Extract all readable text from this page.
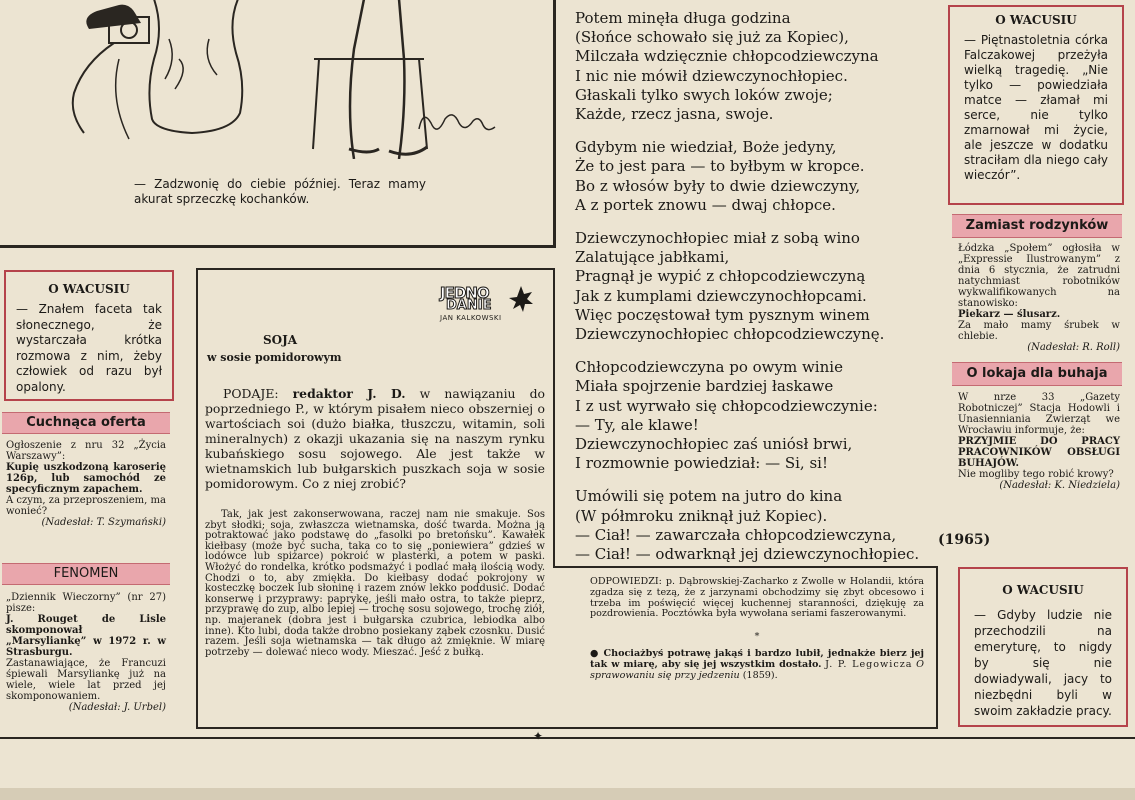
— Zadzwonię do ciebie później. Teraz mamy akurat sprzeczkę kochanków.

Potem minęła długa godzina

(Słońce schowało się już za Kopiec),

Milczała wdzięcznie chłopcodziewczyna

I nic nie mówił dziewczynochłopiec.

Głaskali tylko swych loków zwoje;

Każde, rzecz jasna, swoje.

Gdybym nie wiedział, Boże jedyny,

Że to jest para — to byłbym w kropce.

Bo z włosów były to dwie dziewczyny,

A z portek znowu — dwaj chłopce.

Dziewczynochłopiec miał z sobą wino

Zalatujące jabłkami,

Pragnął je wypić z chłopcodziewczyną

Jak z kumplami dziewczynochłopcami.

Więc poczęstował tym pysznym winem

Dziewczynochłopiec chłopcodziewczynę.

Chłopcodziewczyna po owym winie

Miała spojrzenie bardziej łaskawe

I z ust wyrwało się chłopcodziewczynie:

— Ty, ale klawe!

Dziewczynochłopiec zaś uniósł brwi,

I rozmownie powiedział: — Si, si!

Umówili się potem na jutro do kina

(W półmroku zniknął już Kopiec).

— Ciał! — zawarczała chłopcodziewczyna,

— Ciał! — odwarknął jej dziewczynochłopiec.

(1965)
O WACUSIU
— Piętnastoletnia córka Falczakowej przeżyła wielką tragedię. „Nie tylko — powiedziała matce — złamał mi serce, nie tylko zmarnował mi życie, ale jeszcze w dodatku straciłam dla niego cały wieczór”.
Zamiast rodzynków
Łódzka „Społem” ogłosiła w „Expressie Ilustrowanym” z dnia 6 stycznia, że zatrudni natychmiast robotników wykwalifikowanych na stanowisko:
Piekarz — ślusarz.
Za mało mamy śrubek w chlebie.
(Nadesłał: R. Roll)
O lokaja dla buhaja
W nrze 33 „Gazety Robotniczej” Stacja Hodowli i Unasienniania Zwierząt we Wrocławiu informuje, że:
PRZYJMIE DO PRACY PRACOWNIKÓW OBSŁUGI BUHAJÓW.
Nie mogliby tego robić krowy?
(Nadesłał: K. Niedziela)
O WACUSIU
— Gdyby ludzie nie przechodzili na emeryturę, to nigdy by się nie dowiadywali, jacy to niezbędni byli w swoim zakładzie pracy.
O WACUSIU
— Znałem faceta tak słonecznego, że wystarczała krótka rozmowa z nim, żeby człowiek od razu był opalony.
Cuchnąca oferta
Ogłoszenie z nru 32 „Życia Warszawy”:
Kupię uszkodzoną karoserię 126p, lub samochód ze specyficznym zapachem.
A czym, za przeproszeniem, ma wonieć?
(Nadesłał: T. Szymański)
FENOMEN
„Dziennik Wieczorny” (nr 27) pisze:
J. Rouget de Lisle skomponował „Marsyliankę” w 1972 r. w Strasburgu.
Zastanawiające, że Francuzi śpiewali Marsyliankę już na wiele, wiele lat przed jej skomponowaniem.
(Nadesłał: J. Urbel)
JEDNO
DANIE
JAN KALKOWSKI
SOJA
w sosie pomidorowym
PODAJE: redaktor J. D. w nawiązaniu do poprzedniego P., w którym pisałem nieco obszerniej o wartościach soi (dużo białka, tłuszczu, witamin, soli mineralnych) z okazji ukazania się na naszym rynku kubańskiego sosu sojowego. Ale jest także w wietnamskich lub bułgarskich puszkach soja w sosie pomidorowym. Co z niej zrobić?
Tak, jak jest zakonserwowana, raczej nam nie smakuje. Sos zbyt słodki; soja, zwłaszcza wietnamska, dość twarda. Można ją potraktować jako podstawę do „fasolki po bretońsku”. Kawałek kiełbasy (może być sucha, taka co to się „poniewiera” gdzieś w lodówce lub spiżarce) pokroić w plasterki, a potem w paski. Włożyć do rondelka, krótko podsmażyć i podlać małą ilością wody. Chodzi o to, aby zmiękła. Do kiełbasy dodać pokrojony w kosteczkę boczek lub słoninę i razem znów lekko poddusić. Dodać konserwę i przyprawy: paprykę, jeśli mało ostra, to także pieprz, przyprawę do zup, albo lepiej — trochę sosu sojowego, trochę ziół, np. majeranek (dobra jest i bułgarska czubrica, lebiodka albo inne). Kto lubi, doda także drobno posiekany ząbek czosnku. Dusić razem. Jeśli soja wietnamska — tak długo aż zmięknie. W miarę potrzeby — dolewać nieco wody. Mieszać. Jeść z bułką.
ODPOWIEDZI: p. Dąbrowskiej-Zacharko z Zwolle w Holandii, która zgadza się z tezą, że z jarzynami obchodzimy się zbyt obcesowo i trzeba im poświęcić więcej kuchennej staranności, dziękuję za pozdrowienia. Pocztówka była wywołana seriami faszerowanymi.
*
● Chociażbyś potrawę jakąś i bardzo lubił, jednakże bierz jej tak w miarę, aby się jej wszystkim dostało. J. P. Legowicza O sprawowaniu się przy jedzeniu (1859).
✦
